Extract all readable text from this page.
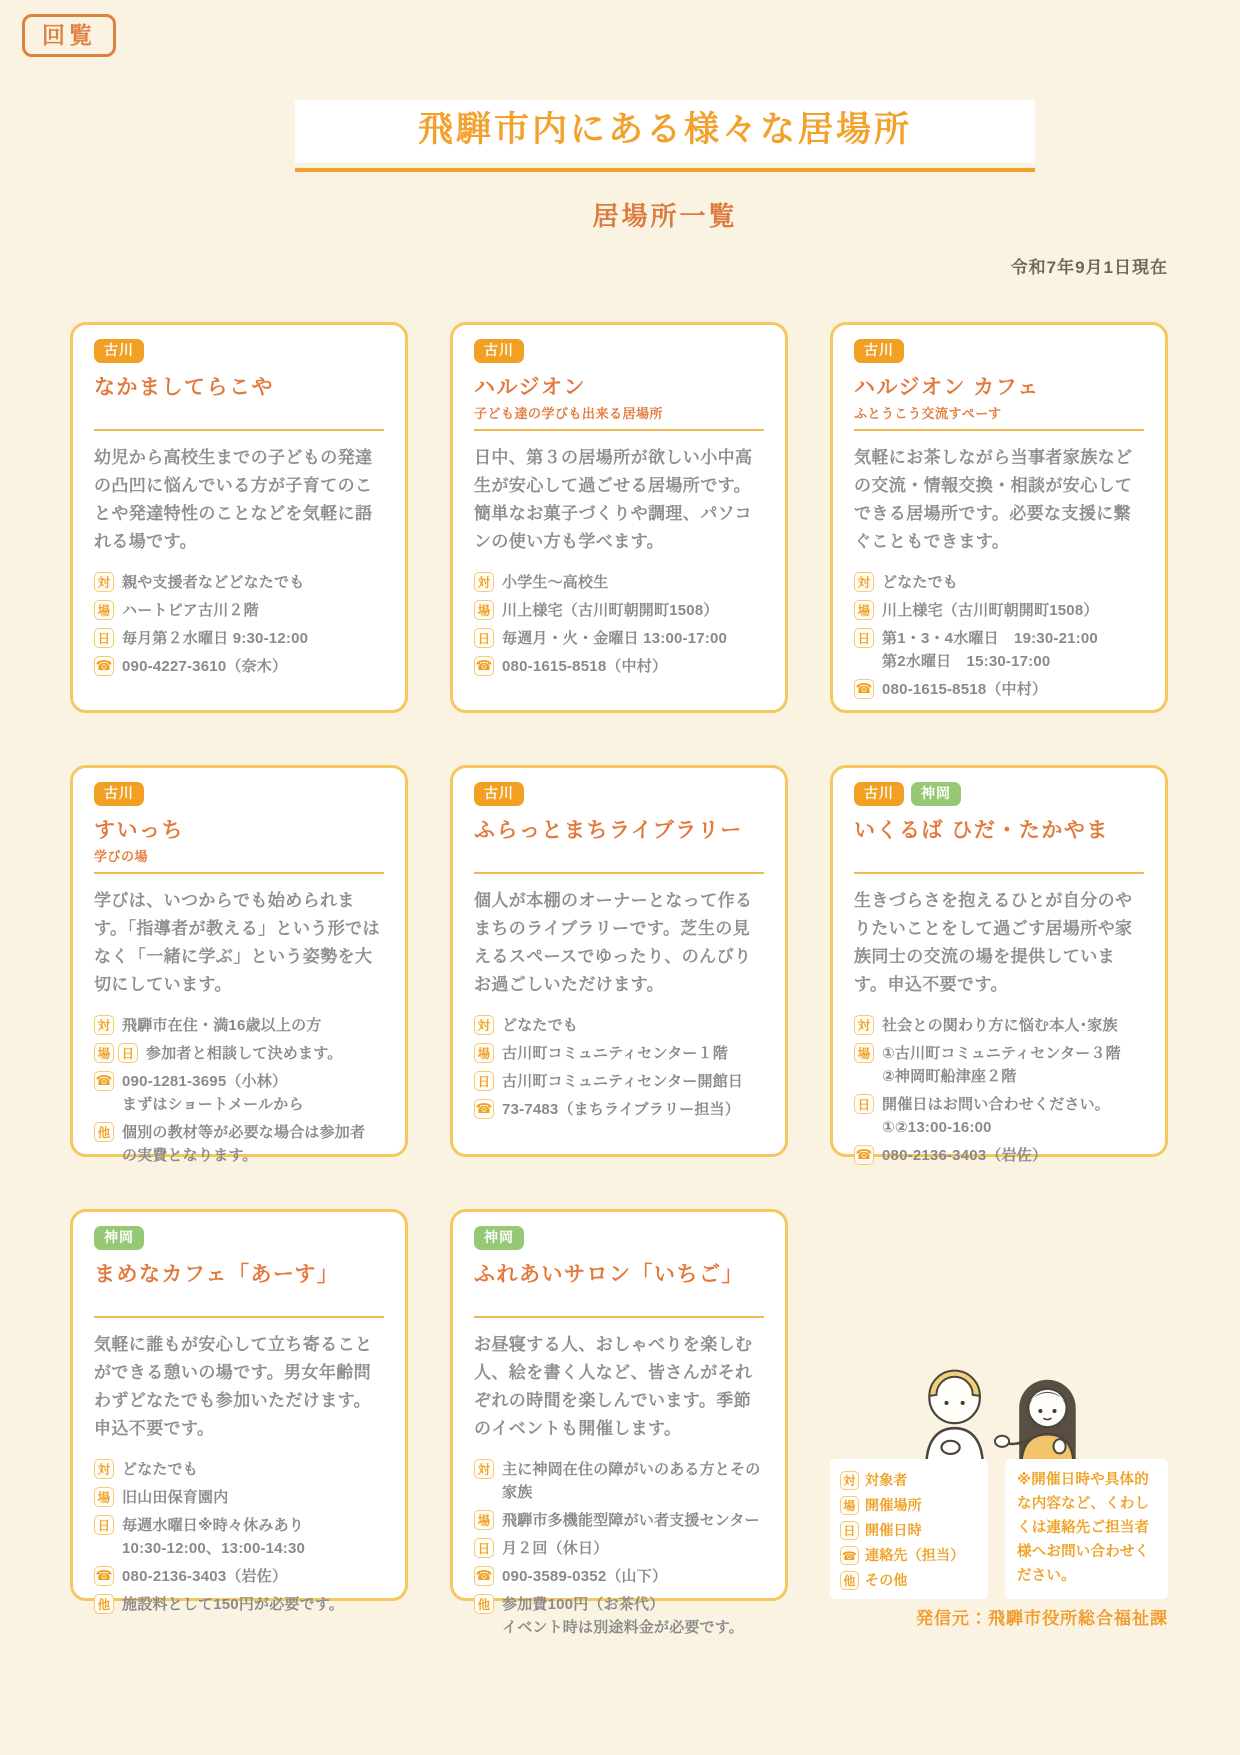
回覧
飛騨市内にある様々な居場所
居場所一覧
令和7年9月1日現在
古川
なかましてらこや

幼児から高校生までの子どもの発達の凸凹に悩んでいる方が子育てのことや発達特性のことなどを気軽に語れる場です。

対 親や支援者などどなたでも
場 ハートピア古川２階
日 毎月第２水曜日 9:30-12:00
☎ 090-4227-3610（奈木）
古川
ハルジオン
子ども達の学びも出来る居場所

日中、第３の居場所が欲しい小中高生が安心して過ごせる居場所です。簡単なお菓子づくりや調理、パソコンの使い方も学べます。

対 小学生～高校生
場 川上様宅（古川町朝開町1508）
日 毎週月・火・金曜日 13:00-17:00
☎ 080-1615-8518（中村）
古川
ハルジオン カフェ
ふとうこう交流すぺーす

気軽にお茶しながら当事者家族などの交流・情報交換・相談が安心してできる居場所です。必要な支援に繋ぐこともできます。

対 どなたでも
場 川上様宅（古川町朝開町1508）
日 第1・3・4水曜日　19:30-21:00
第2水曜日　15:30-17:00
☎ 080-1615-8518（中村）
古川
すいっち
学びの場

学びは、いつからでも始められます。「指導者が教える」という形ではなく「一緒に学ぶ」という姿勢を大切にしています。

対 飛騨市在住・満16歳以上の方
場 日 参加者と相談して決めます。
☎ 090-1281-3695（小林）
まずはショートメールから
他 個別の教材等が必要な場合は参加者
の実費となります。
古川
ふらっとまちライブラリー

個人が本棚のオーナーとなって作るまちのライブラリーです。芝生の見えるスペースでゆったり、のんびりお過ごしいただけます。

対 どなたでも
場 古川町コミュニティセンター１階
日 古川町コミュニティセンター開館日
☎ 73-7483（まちライブラリー担当）
古川	神岡
いくるば ひだ・たかやま

生きづらさを抱えるひとが自分のやりたいことをして過ごす居場所や家族同士の交流の場を提供しています。申込不要です。

対 社会との関わり方に悩む本人･家族
場 ①古川町コミュニティセンター３階
②神岡町船津座２階
日 開催日はお問い合わせください。
①②13:00-16:00
☎ 080-2136-3403（岩佐）
神岡
まめなカフェ「あーす」

気軽に誰もが安心して立ち寄ることができる憩いの場です。男女年齢問わずどなたでも参加いただけます。申込不要です。

対 どなたでも
場 旧山田保育園内
日 毎週水曜日※時々休みあり
10:30-12:00、13:00-14:30
☎ 080-2136-3403（岩佐）
他 施設料として150円が必要です。
神岡
ふれあいサロン「いちご」

お昼寝する人、おしゃべりを楽しむ人、絵を書く人など、皆さんがそれぞれの時間を楽しんでいます。季節のイベントも開催します。

対 主に神岡在住の障がいのある方とその家族
場 飛騨市多機能型障がい者支援センター
日 月２回（休日）
☎ 090-3589-0352（山下）
他 参加費100円（お茶代）
イベント時は別途料金が必要です。
対 対象者
場 開催場所
日 開催日時
☎ 連絡先（担当）
他 その他
※開催日時や具体的な内容など、くわしくは連絡先ご担当者様へお問い合わせください。
発信元：飛騨市役所総合福祉課
